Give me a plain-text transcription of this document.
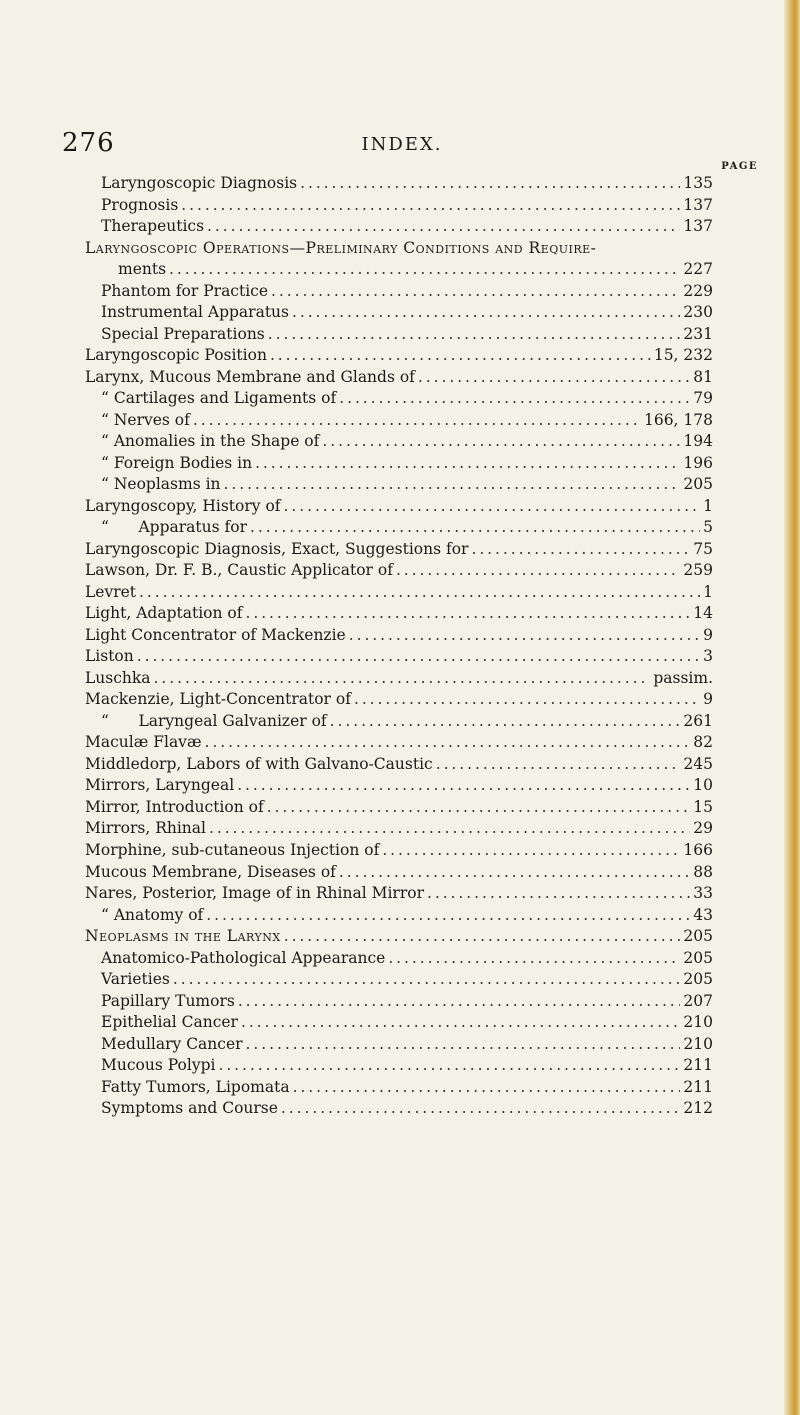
276	INDEX.
PAGE
Laryngoscopic Diagnosis . . .	135
Prognosis . . .	137
Therapeutics . . .	137
Laryngoscopic Operations—Preliminary Conditions and Require-
ments . . .	227
Phantom for Practice . . .	229
Instrumental Apparatus . . .	230
Special Preparations . . .	231
Laryngoscopic Position . . .	15, 232
Larynx, Mucous Membrane and Glands of . . .	81
“ Cartilages and Ligaments of . . .	79
“ Nerves of . . .	166, 178
“ Anomalies in the Shape of . . .	194
“ Foreign Bodies in . . .	196
“ Neoplasms in . . .	205
Laryngoscopy, History of . . .	1
“      Apparatus for . . .	5
Laryngoscopic Diagnosis, Exact, Suggestions for . . .	75
Lawson, Dr. F. B., Caustic Applicator of . . .	259
Levret . . .	1
Light, Adaptation of . . .	14
Light Concentrator of Mackenzie . . .	9
Liston . . .	3
Luschka . . .	passim.
Mackenzie, Light-Concentrator of . . .	9
“      Laryngeal Galvanizer of . . .	261
Maculæ Flavæ . . .	82
Middledorp, Labors of with Galvano-Caustic . . .	245
Mirrors, Laryngeal . . .	10
Mirror, Introduction of . . .	15
Mirrors, Rhinal . . .	29
Morphine, sub-cutaneous Injection of . . .	166
Mucous Membrane, Diseases of . . .	88
Nares, Posterior, Image of in Rhinal Mirror . . .	33
“ Anatomy of . . .	43
Neoplasms in the Larynx . . .	205
Anatomico-Pathological Appearance . . .	205
Varieties . . .	205
Papillary Tumors . . .	207
Epithelial Cancer . . .	210
Medullary Cancer . . .	210
Mucous Polypi . . .	211
Fatty Tumors, Lipomata . . .	211
Symptoms and Course . . .	212
